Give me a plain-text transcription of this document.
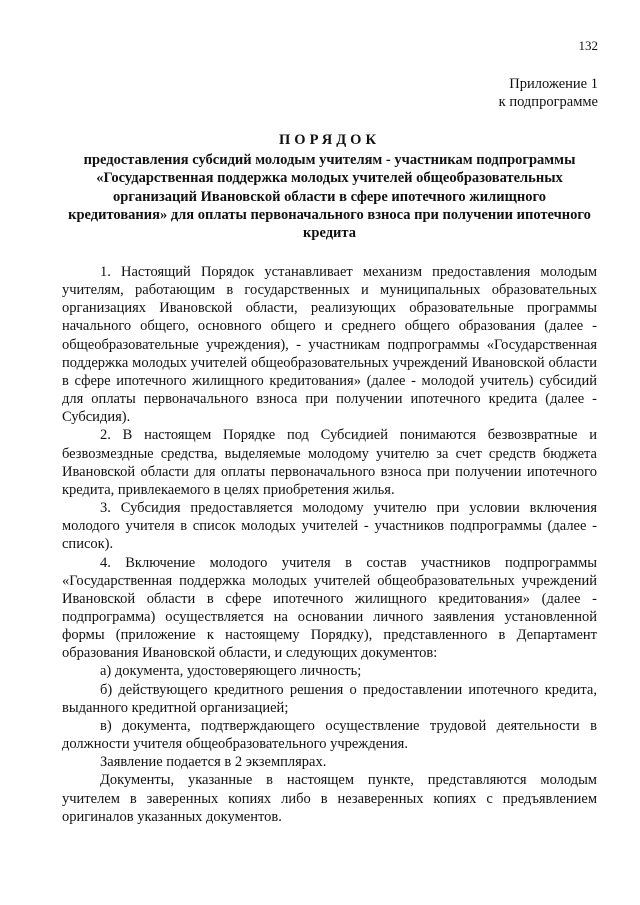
132
Приложение 1
к подпрограмме
ПОРЯДОК
предоставления субсидий молодым учителям - участникам подпрограммы «Государственная поддержка молодых учителей общеобразовательных организаций Ивановской области в сфере ипотечного жилищного кредитования» для оплаты первоначального взноса при получении ипотечного кредита

1. Настоящий Порядок устанавливает механизм предоставления молодым учителям, работающим в государственных и муниципальных образовательных организациях Ивановской области, реализующих образовательные программы начального общего, основного общего и среднего общего образования (далее - общеобразовательные учреждения), - участникам подпрограммы «Государственная поддержка молодых учителей общеобразовательных учреждений Ивановской области в сфере ипотечного жилищного кредитования» (далее - молодой учитель) субсидий для оплаты первоначального взноса при получении ипотечного кредита (далее - Субсидия).

2. В настоящем Порядке под Субсидией понимаются безвозвратные и безвозмездные средства, выделяемые молодому учителю за счет средств бюджета Ивановской области для оплаты первоначального взноса при получении ипотечного кредита, привлекаемого в целях приобретения жилья.

3. Субсидия предоставляется молодому учителю при условии включения молодого учителя в список молодых учителей - участников подпрограммы (далее - список).

4. Включение молодого учителя в состав участников подпрограммы «Государственная поддержка молодых учителей общеобразовательных учреждений Ивановской области в сфере ипотечного жилищного кредитования» (далее - подпрограмма) осуществляется на основании личного заявления установленной формы (приложение к настоящему Порядку), представленного в Департамент образования Ивановской области, и следующих документов:

а) документа, удостоверяющего личность;

б) действующего кредитного решения о предоставлении ипотечного кредита, выданного кредитной организацией;

в) документа, подтверждающего осуществление трудовой деятельности в должности учителя общеобразовательного учреждения.

Заявление подается в 2 экземплярах.

Документы, указанные в настоящем пункте, представляются молодым учителем в заверенных копиях либо в незаверенных копиях с предъявлением оригиналов указанных документов.
